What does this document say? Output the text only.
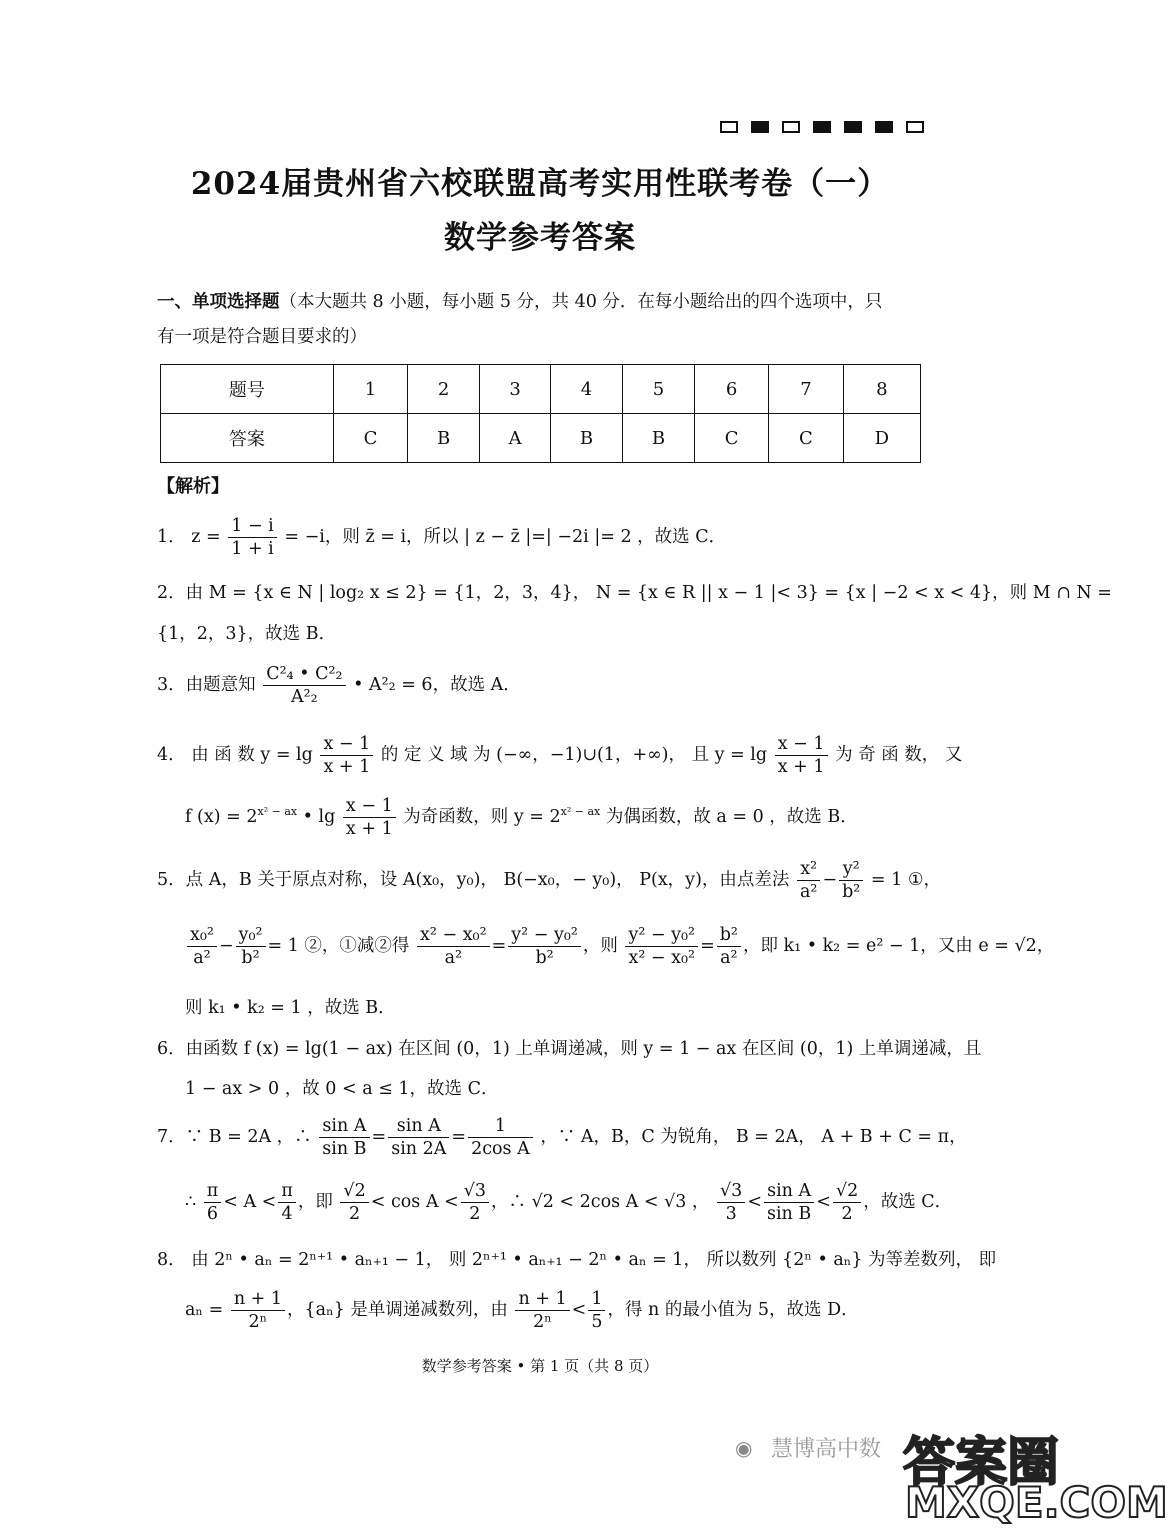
2024届贵州省六校联盟高考实用性联考卷（一）
数学参考答案
一、单项选择题（本大题共 8 小题，每小题 5 分，共 40 分．在每小题给出的四个选项中，只
有一项是符合题目要求的）
题号	1	2	3	4	5	6	7	8
答案	C	B	A	B	B	C	C	D
【解析】
1． $z = \frac{1 - i}{1 + i} = -i$，则 z̄ = i，所以 | z − z̄ |=| −2i |= 2 ，故选 C．
2．由 M = {x ∈ N | log₂ x ≤ 2} = {1，2，3，4}， N = {x ∈ R || x − 1 |< 3} = {x | −2 < x < 4}，则 M ∩ N =
{1，2，3}，故选 B．
3．由题意知 $\frac{\text{C²₄ • C²₂}}{\text{A²₂}}$ • A²₂ = 6，故选 A．
4． 由 函 数 $y = \lg \frac{x - 1}{x + 1}$ 的 定 义 域 为 (−∞，−1)∪(1，+∞)， 且 $y = \lg \frac{x - 1}{x + 1}$ 为 奇 函 数， 又
f $(x) = 2^{x^2 - ax}$ • $\lg \frac{x - 1}{x + 1}$ 为奇函数，则 $y = 2^{x^2 - ax}$ 为偶函数，故 a = 0 ，故选 B．
5．点 A，B 关于原点对称，设 A(x₀，y₀)， B(−x₀，− y₀)， P(x，y)，由点差法 $\frac{\text{x²}}{\text{a²}} - \frac{\text{y²}}{\text{b²}} = 1$ ①，
$\frac{\text{x₀²}}{\text{a²}} - \frac{\text{y₀²}}{\text{b²}} = 1$ ②，①减②得 $\frac{\text{x² − x₀²}}{\text{a²}} = \frac{\text{y² − y₀²}}{\text{b²}}$ ，则 $\frac{\text{y² − y₀²}}{\text{x² − x₀²}} = \frac{\text{b²}}{\text{a²}}$ ，即 k₁ • k₂ = e² − 1，又由 e = √2，
则 k₁ • k₂ = 1 ，故选 B．
6．由函数 f (x) = lg(1 − ax) 在区间 (0，1) 上单调递减，则 y = 1 − ax 在区间 (0，1) 上单调递减，且
1 − ax > 0 ，故 0 < a ≤ 1，故选 C．
7．∵ B = 2A ，∴ $\frac{\text{sin A}}{\text{sin B}} = \frac{\text{sin A}}{\sin 2A} = \frac{1}{\text{2cos A}}$ ，∵ A，B，C 为锐角， B = 2A， A + B + C = π，
∴ $\frac{\pi}{6} < A < \frac{\pi}{4}$ ，即 $\frac{√2}{2} < \cos A < \frac{√3}{2}$ ，∴ √2 < 2cos A < √3 ， $\frac{√3}{3} < \frac{\text{sin A}}{\text{sin B}} < \frac{√2}{2}$ ，故选 C．
8． 由 2ⁿ • aₙ = 2ⁿ⁺¹ • aₙ₊₁ − 1， 则 2ⁿ⁺¹ • aₙ₊₁ − 2ⁿ • aₙ = 1， 所以数列 {2ⁿ • aₙ} 为等差数列， 即
$a_n = \frac{n + 1}{\text{2ⁿ}}$ ，{aₙ} 是单调递减数列，由 $\frac{n + 1}{\text{2ⁿ}} < \frac{1}{5}$ ，得 n 的最小值为 5，故选 D．
数学参考答案 • 第 1 页（共 8 页）
◉ 慧博高中数 答案圈
MXQE.COM
